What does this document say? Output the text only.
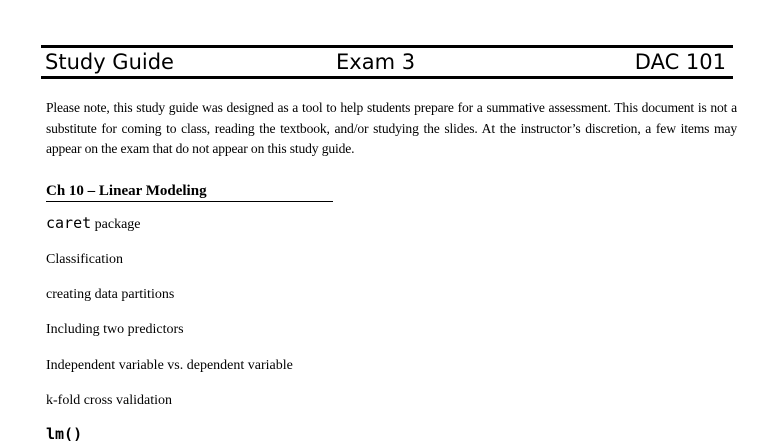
Study Guide	Exam 3	DAC 101
Please note, this study guide was designed as a tool to help students prepare for a summative assessment. This document is not a substitute for coming to class, reading the textbook, and/or studying the slides. At the instructor’s discretion, a few items may appear on the exam that do not appear on this study guide.
Ch 10 – Linear Modeling
caret package
Classification
creating data partitions
Including two predictors
Independent variable vs. dependent variable
k-fold cross validation
lm()
